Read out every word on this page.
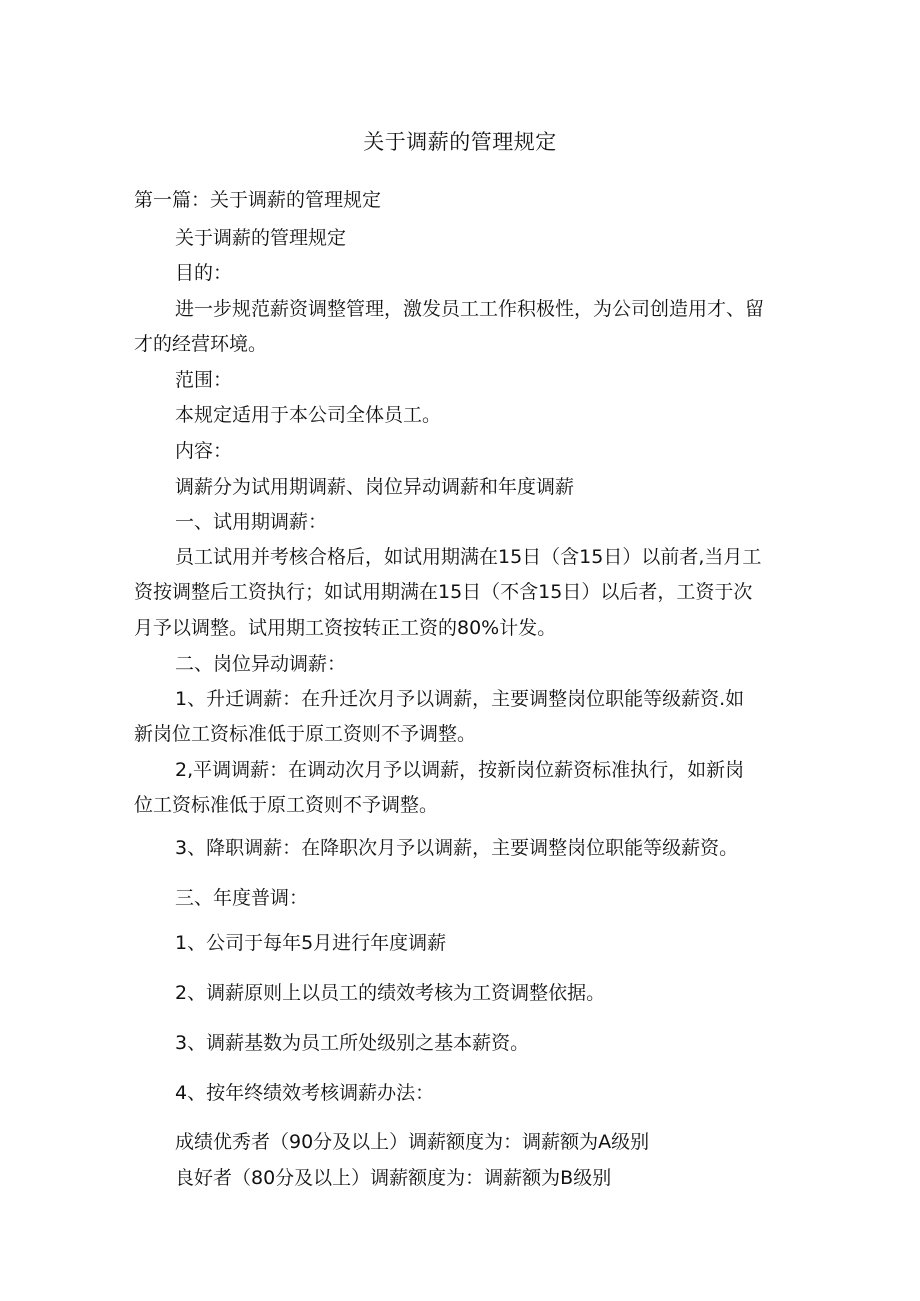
关于调薪的管理规定
第一篇：关于调薪的管理规定
关于调薪的管理规定
目的：
进一步规范薪资调整管理，激发员工工作积极性，为公司创造用才、留
才的经营环境。
范围：
本规定适用于本公司全体员工。
内容：
调薪分为试用期调薪、岗位异动调薪和年度调薪
一、试用期调薪：
员工试用并考核合格后，如试用期满在15日（含15日）以前者,当月工
资按调整后工资执行；如试用期满在15日（不含15日）以后者，工资于次
月予以调整。试用期工资按转正工资的80%计发。
二、岗位异动调薪：
1、升迁调薪：在升迁次月予以调薪，主要调整岗位职能等级薪资.如
新岗位工资标准低于原工资则不予调整。
2,平调调薪：在调动次月予以调薪，按新岗位薪资标准执行，如新岗
位工资标准低于原工资则不予调整。
3、降职调薪：在降职次月予以调薪，主要调整岗位职能等级薪资。
三、年度普调：
1、公司于每年5月进行年度调薪
2、调薪原则上以员工的绩效考核为工资调整依据。
3、调薪基数为员工所处级别之基本薪资。
4、按年终绩效考核调薪办法：
成绩优秀者（90分及以上）调薪额度为：调薪额为A级别
良好者（80分及以上）调薪额度为：调薪额为B级别
